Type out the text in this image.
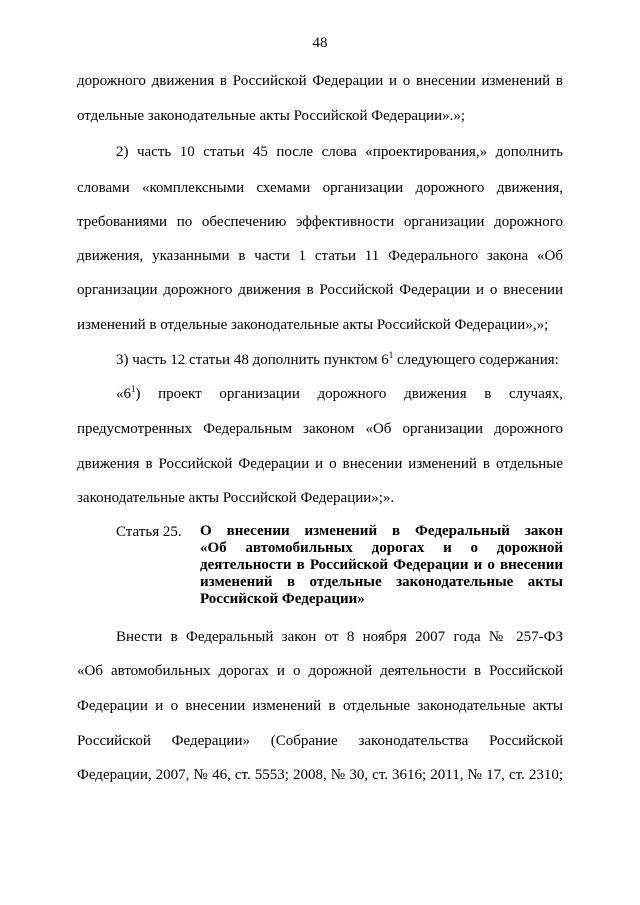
48
дорожного движения в Российской Федерации и о внесении изменений в
отдельные законодательные акты Российской Федерации».»;
2) часть 10 статьи 45 после слова «проектирования,» дополнить
словами «комплексными схемами организации дорожного движения,
требованиями по обеспечению эффективности организации дорожного
движения, указанными в части 1 статьи 11 Федерального закона «Об
организации дорожного движения в Российской Федерации и о внесении
изменений в отдельные законодательные акты Российской Федерации»,»;
3) часть 12 статьи 48 дополнить пунктом $6^1$ следующего содержания:
«$6^1$) проект организации дорожного движения в случаях,
предусмотренных Федеральным законом «Об организации дорожного
движения в Российской Федерации и о внесении изменений в отдельные
законодательные акты Российской Федерации»;».
Статья 25. О внесении изменений в Федеральный закон
«Об автомобильных дорогах и о дорожной
деятельности в Российской Федерации и о внесении
изменений в отдельные законодательные акты
Российской Федерации»
Внести в Федеральный закон от 8 ноября 2007 года № 257-ФЗ
«Об автомобильных дорогах и о дорожной деятельности в Российской
Федерации и о внесении изменений в отдельные законодательные акты
Российской Федерации» (Собрание законодательства Российской
Федерации, 2007, № 46, ст. 5553; 2008, № 30, ст. 3616; 2011, № 17, ст. 2310;
